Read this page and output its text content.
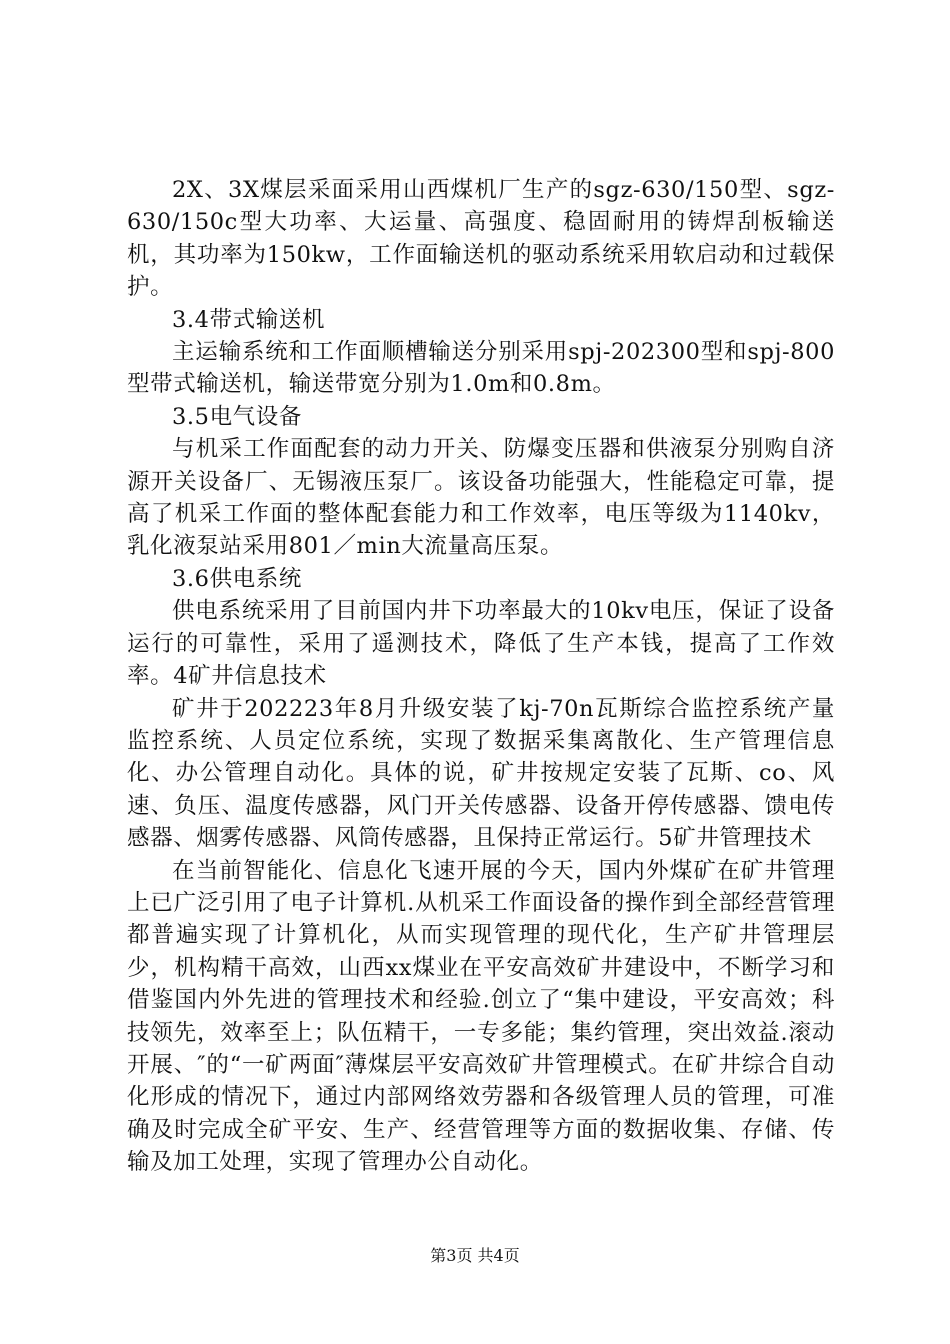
2X、3X煤层采面采用山西煤机厂生产的sgz-630/150型、sgz-630/150c型大功率、大运量、高强度、稳固耐用的铸焊刮板输送机，其功率为150kw，工作面输送机的驱动系统采用软启动和过载保护。

3.4带式输送机

主运输系统和工作面顺槽输送分别采用spj-202300型和spj-800型带式输送机，输送带宽分别为1.0m和0.8m。

3.5电气设备

与机采工作面配套的动力开关、防爆变压器和供液泵分别购自济源开关设备厂、无锡液压泵厂。该设备功能强大，性能稳定可靠，提高了机采工作面的整体配套能力和工作效率，电压等级为1140kv，乳化液泵站采用801／min大流量高压泵。

3.6供电系统

供电系统采用了目前国内井下功率最大的10kv电压，保证了设备运行的可靠性，采用了遥测技术，降低了生产本钱，提高了工作效率。4矿井信息技术

矿井于202223年8月升级安装了kj-70n瓦斯综合监控系统产量监控系统、人员定位系统，实现了数据采集离散化、生产管理信息化、办公管理自动化。具体的说，矿井按规定安装了瓦斯、co、风速、负压、温度传感器，风门开关传感器、设备开停传感器、馈电传感器、烟雾传感器、风筒传感器，且保持正常运行。5矿井管理技术

在当前智能化、信息化飞速开展的今天，国内外煤矿在矿井管理上已广泛引用了电子计算机.从机采工作面设备的操作到全部经营管理都普遍实现了计算机化，从而实现管理的现代化，生产矿井管理层少，机构精干高效，山西xx煤业在平安高效矿井建设中，不断学习和借鉴国内外先进的管理技术和经验.创立了“集中建设，平安高效；科技领先，效率至上；队伍精干，一专多能；集约管理，突出效益.滚动开展、″的“一矿两面″薄煤层平安高效矿井管理模式。在矿井综合自动化形成的情况下，通过内部网络效劳器和各级管理人员的管理，可准确及时完成全矿平安、生产、经营管理等方面的数据收集、存储、传输及加工处理，实现了管理办公自动化。

第3页 共4页
